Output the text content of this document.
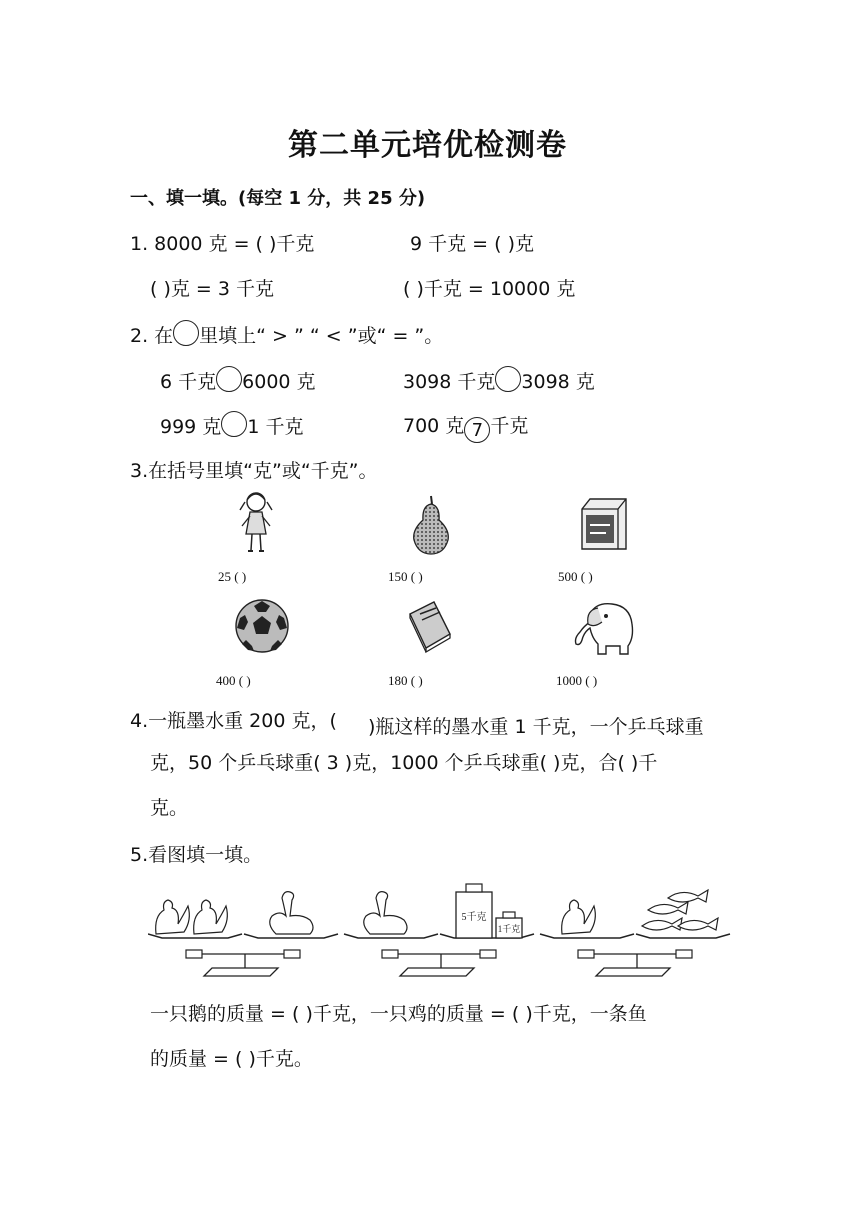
第二单元培优检测卷
一、填一填。(每空 1 分，共 25 分)
1. 8000 克 = ( )千克	9 千克 = ( )克
( )克 = 3 千克	( )千克 = 10000 克
2. 在 里填上“ > ” “ < ”或“ = ”。
6 千克 6000 克	3098 千克 3098 克
999 克 1 千克	700 克 7 千克
3.在括号里填“克”或“千克”。
25 ( )	150 ( )	500 ( )
400 ( )	180 ( )	1000 ( )
4.一瓶墨水重 200 克，( )瓶这样的墨水重 1 千克，一个乒乓球重
克，50 个乒乓球重( 3 )克，1000 个乒乓球重( )克，合( )千
克。
5.看图填一填。
5千克
1千克
一只鹅的质量 = ( )千克，一只鸡的质量 = ( )千克，一条鱼
的质量 = ( )千克。
